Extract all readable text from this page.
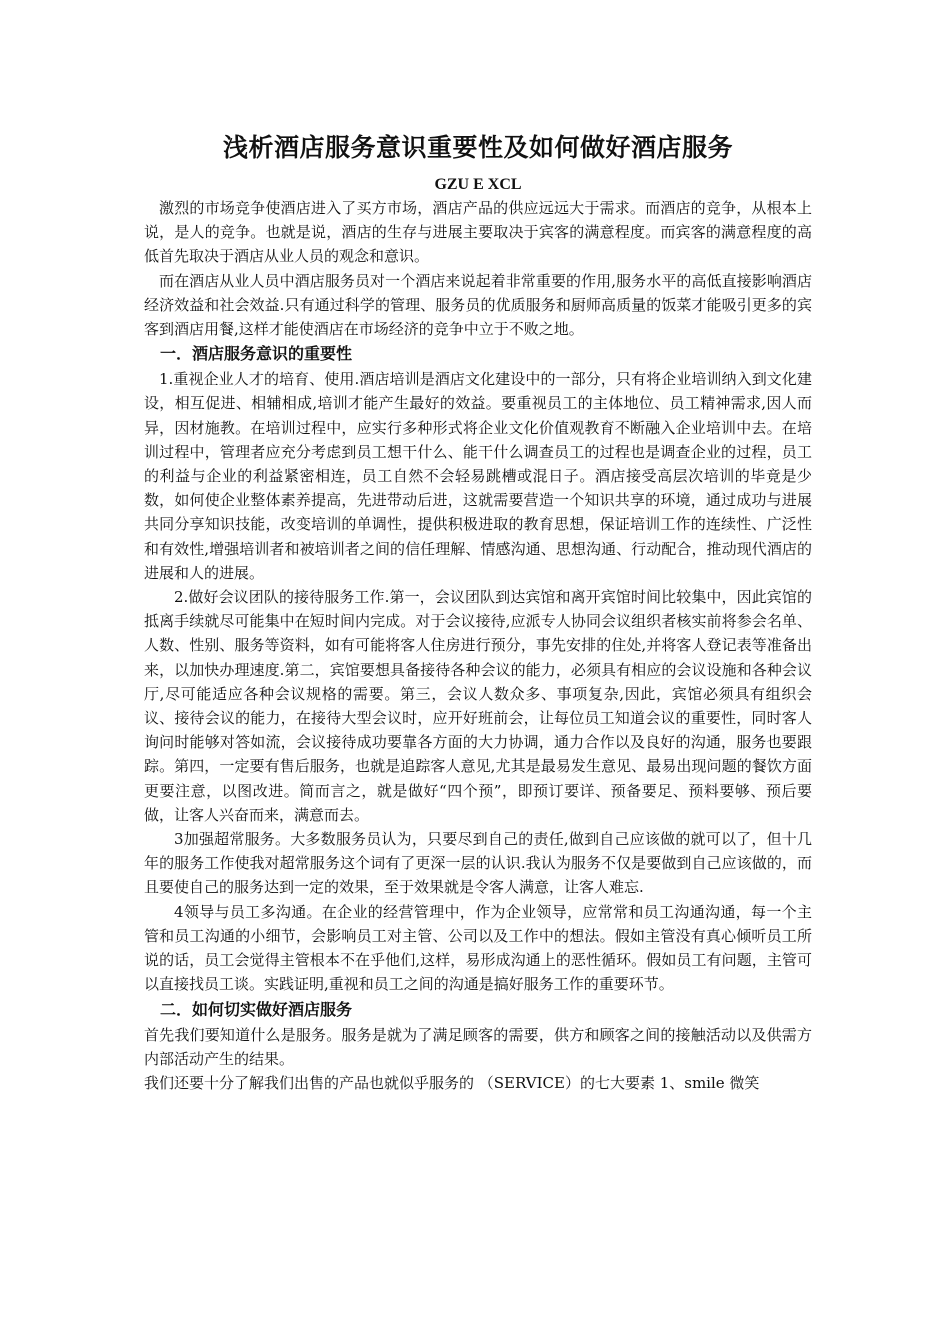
浅析酒店服务意识重要性及如何做好酒店服务

GZU E XCL

激烈的市场竞争使酒店进入了买方市场，酒店产品的供应远远大于需求。而酒店的竞争，从根本上说，是人的竞争。也就是说，酒店的生存与进展主要取决于宾客的满意程度。而宾客的满意程度的高低首先取决于酒店从业人员的观念和意识。

而在酒店从业人员中酒店服务员对一个酒店来说起着非常重要的作用,服务水平的高低直接影响酒店经济效益和社会效益.只有通过科学的管理、服务员的优质服务和厨师高质量的饭菜才能吸引更多的宾客到酒店用餐,这样才能使酒店在市场经济的竞争中立于不败之地。

一．酒店服务意识的重要性

1.重视企业人才的培育、使用.酒店培训是酒店文化建设中的一部分，只有将企业培训纳入到文化建设，相互促进、相辅相成,培训才能产生最好的效益。要重视员工的主体地位、员工精神需求,因人而异，因材施教。在培训过程中，应实行多种形式将企业文化价值观教育不断融入企业培训中去。在培训过程中，管理者应充分考虑到员工想干什么、能干什么调查员工的过程也是调查企业的过程，员工的利益与企业的利益紧密相连，员工自然不会轻易跳槽或混日子。酒店接受高层次培训的毕竟是少数，如何使企业整体素养提高，先进带动后进，这就需要营造一个知识共享的环境，通过成功与进展共同分享知识技能，改变培训的单调性，提供积极进取的教育思想，保证培训工作的连续性、广泛性和有效性,增强培训者和被培训者之间的信任理解、情感沟通、思想沟通、行动配合，推动现代酒店的进展和人的进展。

2.做好会议团队的接待服务工作.第一，会议团队到达宾馆和离开宾馆时间比较集中，因此宾馆的抵离手续就尽可能集中在短时间内完成。对于会议接待,应派专人协同会议组织者核实前将参会名单、人数、性别、服务等资料，如有可能将客人住房进行预分，事先安排的住处,并将客人登记表等准备出来，以加快办理速度.第二，宾馆要想具备接待各种会议的能力，必须具有相应的会议设施和各种会议厅,尽可能适应各种会议规格的需要。第三，会议人数众多、事项复杂,因此，宾馆必须具有组织会议、接待会议的能力，在接待大型会议时，应开好班前会，让每位员工知道会议的重要性，同时客人询问时能够对答如流，会议接待成功要靠各方面的大力协调，通力合作以及良好的沟通，服务也要跟踪。第四，一定要有售后服务，也就是追踪客人意见,尤其是最易发生意见、最易出现问题的餐饮方面更要注意，以图改进。简而言之，就是做好“四个预”，即预订要详、预备要足、预料要够、预后要做，让客人兴奋而来，满意而去。

3加强超常服务。大多数服务员认为，只要尽到自己的责任,做到自己应该做的就可以了，但十几年的服务工作使我对超常服务这个词有了更深一层的认识.我认为服务不仅是要做到自己应该做的，而且要使自己的服务达到一定的效果，至于效果就是令客人满意，让客人难忘.

4领导与员工多沟通。在企业的经营管理中，作为企业领导，应常常和员工沟通沟通，每一个主管和员工沟通的小细节，会影响员工对主管、公司以及工作中的想法。假如主管没有真心倾听员工所说的话，员工会觉得主管根本不在乎他们,这样，易形成沟通上的恶性循环。假如员工有问题，主管可以直接找员工谈。实践证明,重视和员工之间的沟通是搞好服务工作的重要环节。

二．如何切实做好酒店服务

首先我们要知道什么是服务。服务是就为了满足顾客的需要，供方和顾客之间的接触活动以及供需方内部活动产生的结果。

我们还要十分了解我们出售的产品也就似乎服务的 （SERVICE）的七大要素 1、smile 微笑
